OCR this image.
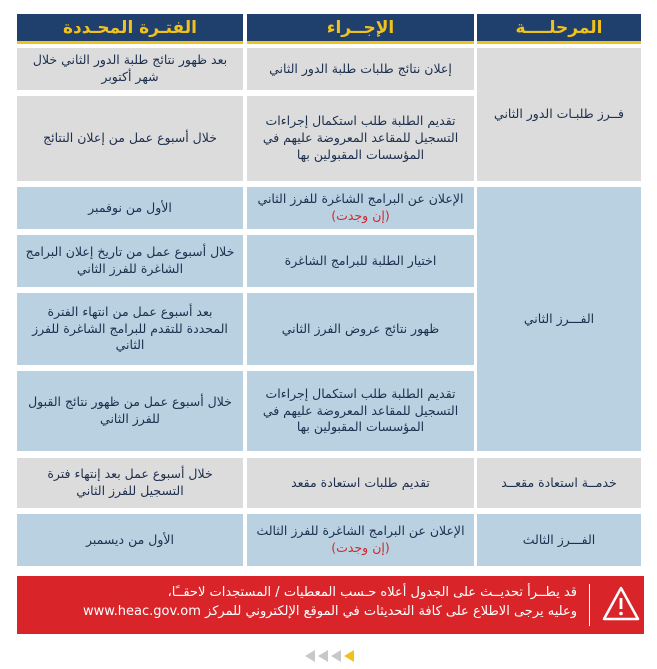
المرحلــــة
الإجــراء
الفتـرة المحـددة
فــرز طلبـات الدور الثاني
الفـــرز الثاني
خدمــة استعادة مقعــد
الفـــرز الثالث
إعلان نتائج طلبات طلبة الدور الثاني
بعد ظهور نتائج طلبة الدور الثاني خلال شهر أكتوبر
تقديم الطلبة طلب استكمال إجراءات التسجيل للمقاعد المعروضة عليهم في المؤسسات المقبولين بها
خلال أسبوع عمل من إعلان النتائج
الإعلان عن البرامج الشاغرة للفرز الثاني (إن وجدت)
الأول من نوفمبر
اختيار الطلبة للبرامج الشاغرة
خلال أسبوع عمل من تاريخ إعلان البرامج الشاغرة للفرز الثاني
ظهور نتائج عروض الفرز الثاني
بعد أسبوع عمل من انتهاء الفترة المحددة للتقدم للبرامج الشاغرة للفرز الثاني
تقديم الطلبة طلب استكمال إجراءات التسجيل للمقاعد المعروضة عليهم في المؤسسات المقبولين بها
خلال أسبوع عمل من ظهور نتائج القبول للفرز الثاني
تقديم طلبات استعادة مقعد
خلال أسبوع عمل بعد إنتهاء فترة التسجيل للفرز الثاني
الإعلان عن البرامج الشاغرة للفرز الثالث (إن وجدت)
الأول من ديسمبر
قد يطــرأ تحديــث على الجدول أعلاه حـسب المعطيات / المستجدات لاحقــًا،
وعليه يرجى الاطلاع على كافة التحديثات في الموقع الإلكتروني للمركز www.heac.gov.om
